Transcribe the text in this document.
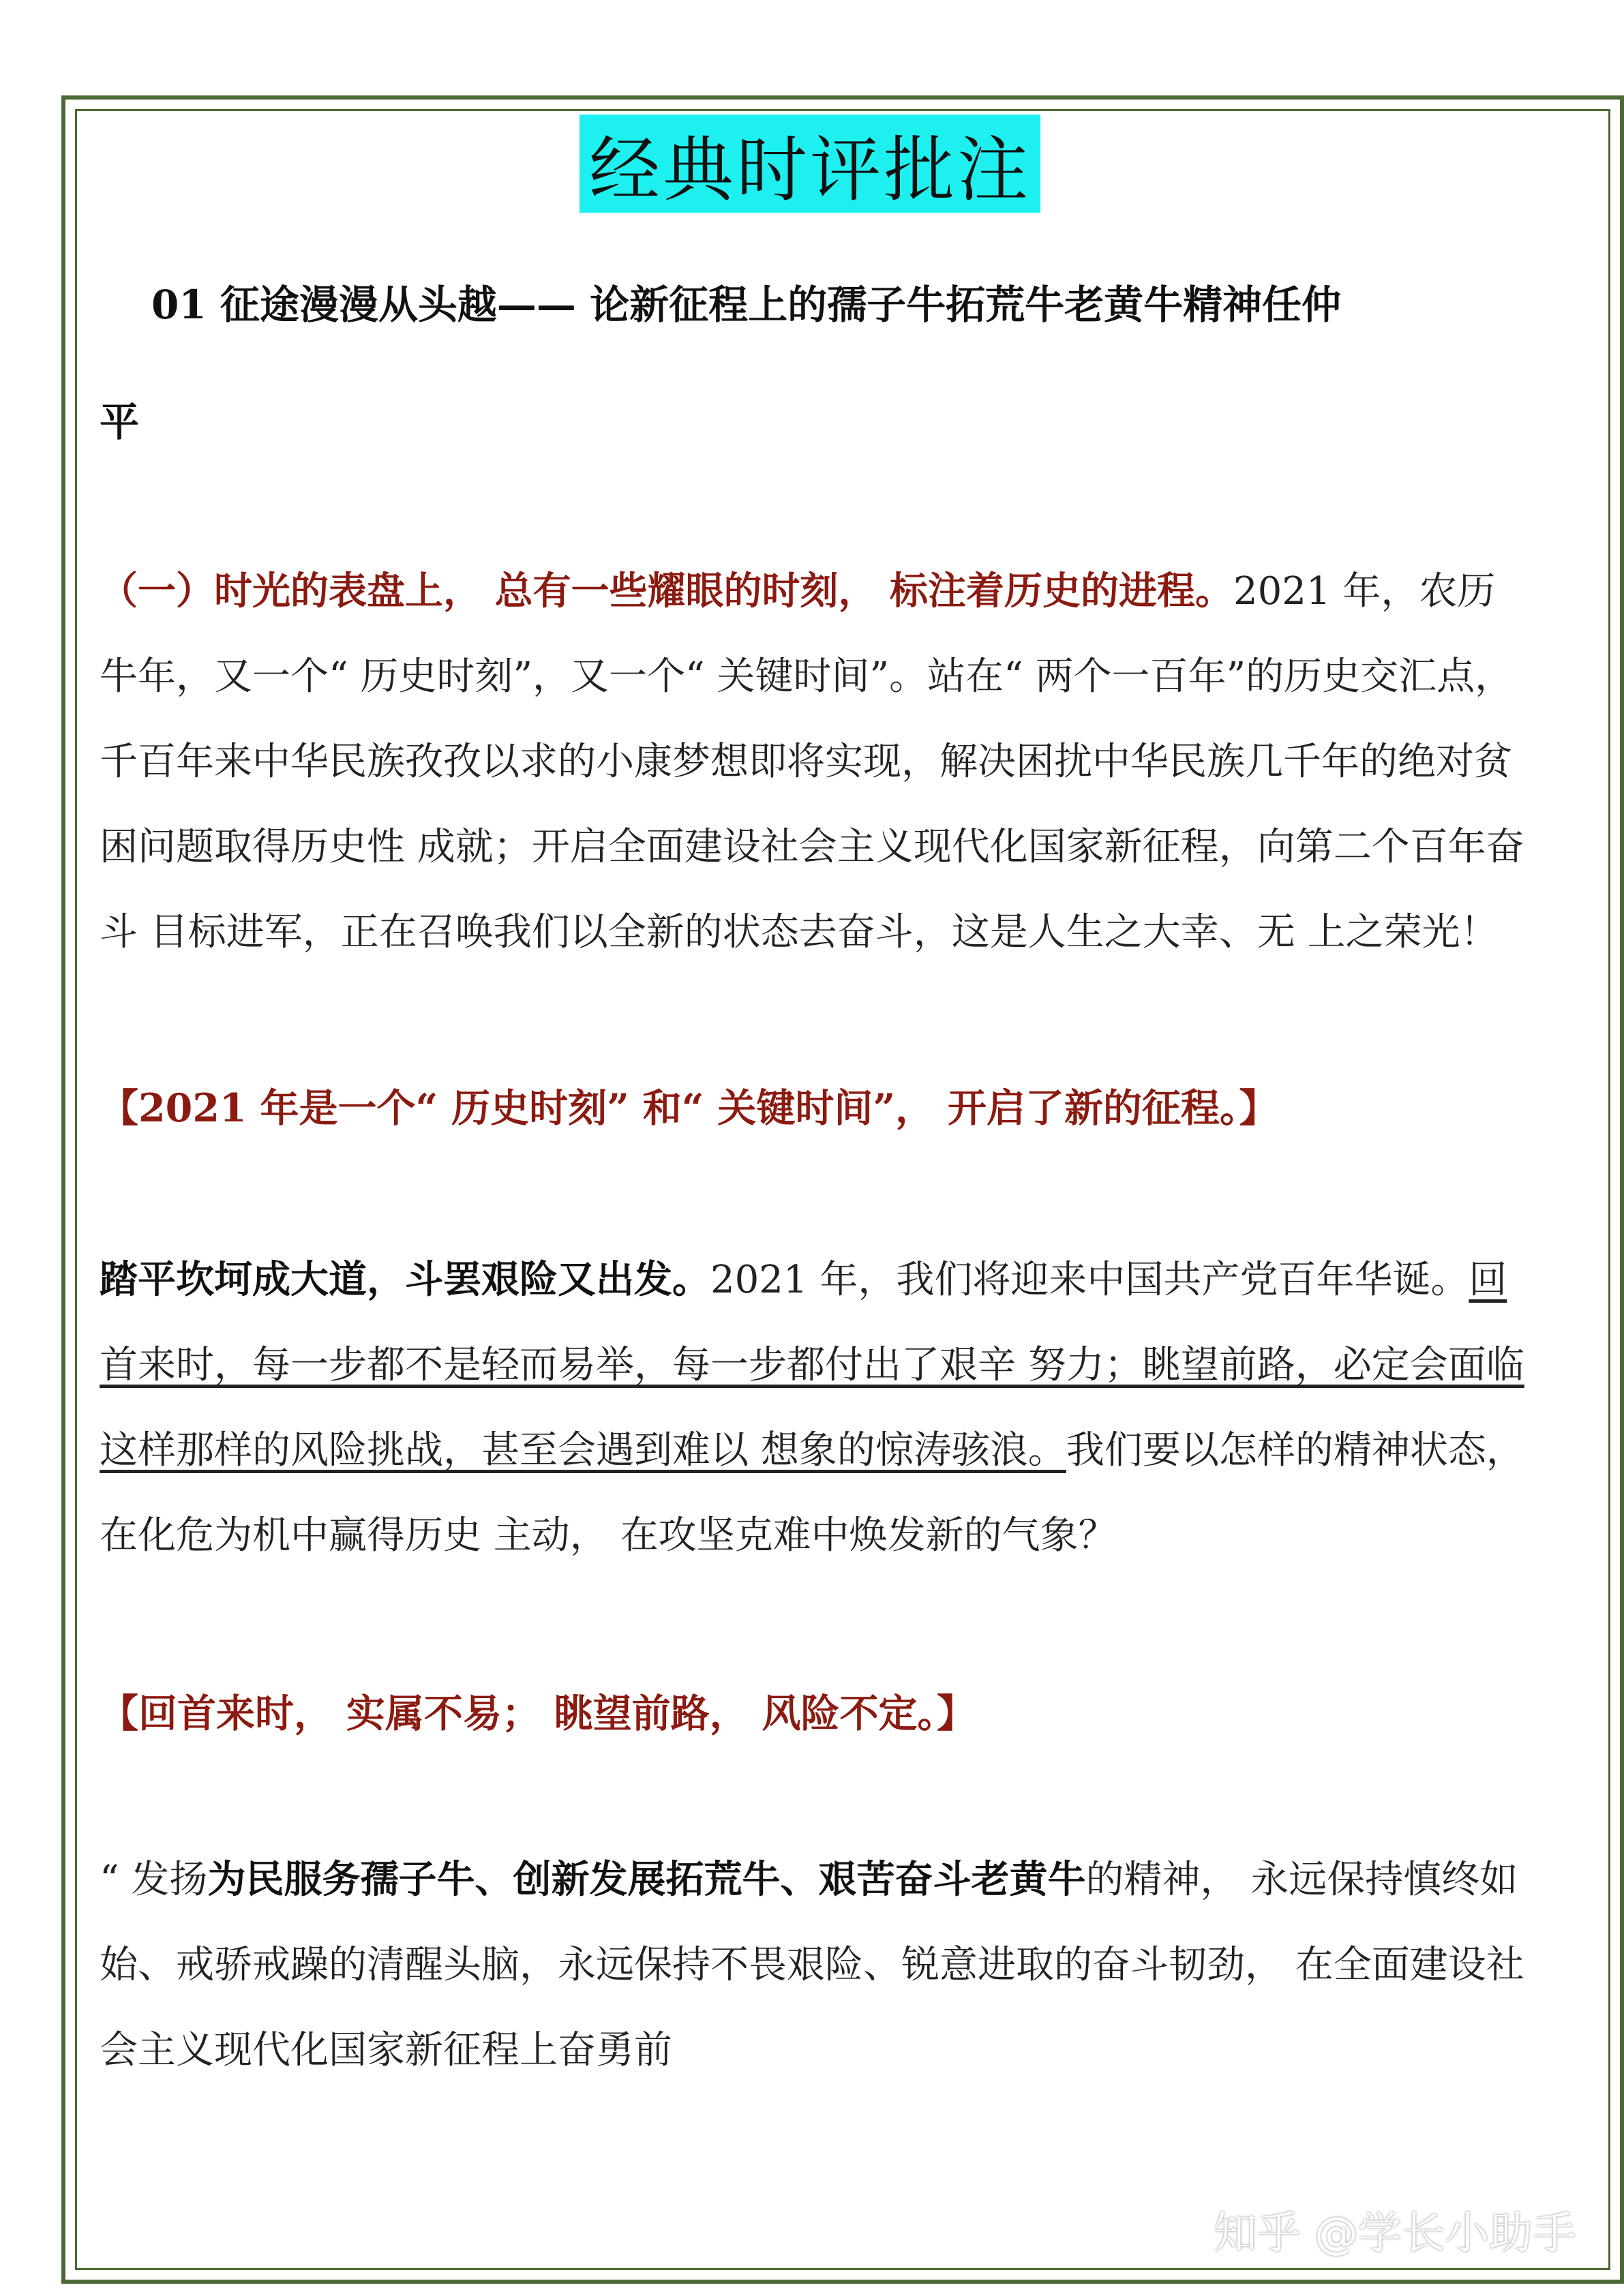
经典时评批注
01 征途漫漫从头越—— 论新征程上的孺子牛拓荒牛老黄牛精神任仲
平
（一）时光的表盘上， 总有一些耀眼的时刻， 标注着历史的进程。2021 年，农历牛年，又一个“ 历史时刻”，又一个“ 关键时间”。站在“ 两个一百年”的历史交汇点，千百年来中华民族孜孜以求的小康梦想即将实现，解决困扰中华民族几千年的绝对贫困问题取得历史性 成就；开启全面建设社会主义现代化国家新征程，向第二个百年奋斗 目标进军，正在召唤我们以全新的状态去奋斗，这是人生之大幸、无 上之荣光！
【2021 年是一个“ 历史时刻” 和“ 关键时间”， 开启了新的征程。】
踏平坎坷成大道，斗罢艰险又出发。2021 年，我们将迎来中国共产党百年华诞。回首来时，每一步都不是轻而易举，每一步都付出了艰辛 努力；眺望前路，必定会面临这样那样的风险挑战，甚至会遇到难以 想象的惊涛骇浪。我们要以怎样的精神状态，在化危为机中赢得历史 主动， 在攻坚克难中焕发新的气象？
【回首来时， 实属不易； 眺望前路， 风险不定。】
“ 发扬为民服务孺子牛、创新发展拓荒牛、艰苦奋斗老黄牛的精神， 永远保持慎终如始、戒骄戒躁的清醒头脑，永远保持不畏艰险、锐意进取的奋斗韧劲， 在全面建设社会主义现代化国家新征程上奋勇前
知乎 @学长小助手
